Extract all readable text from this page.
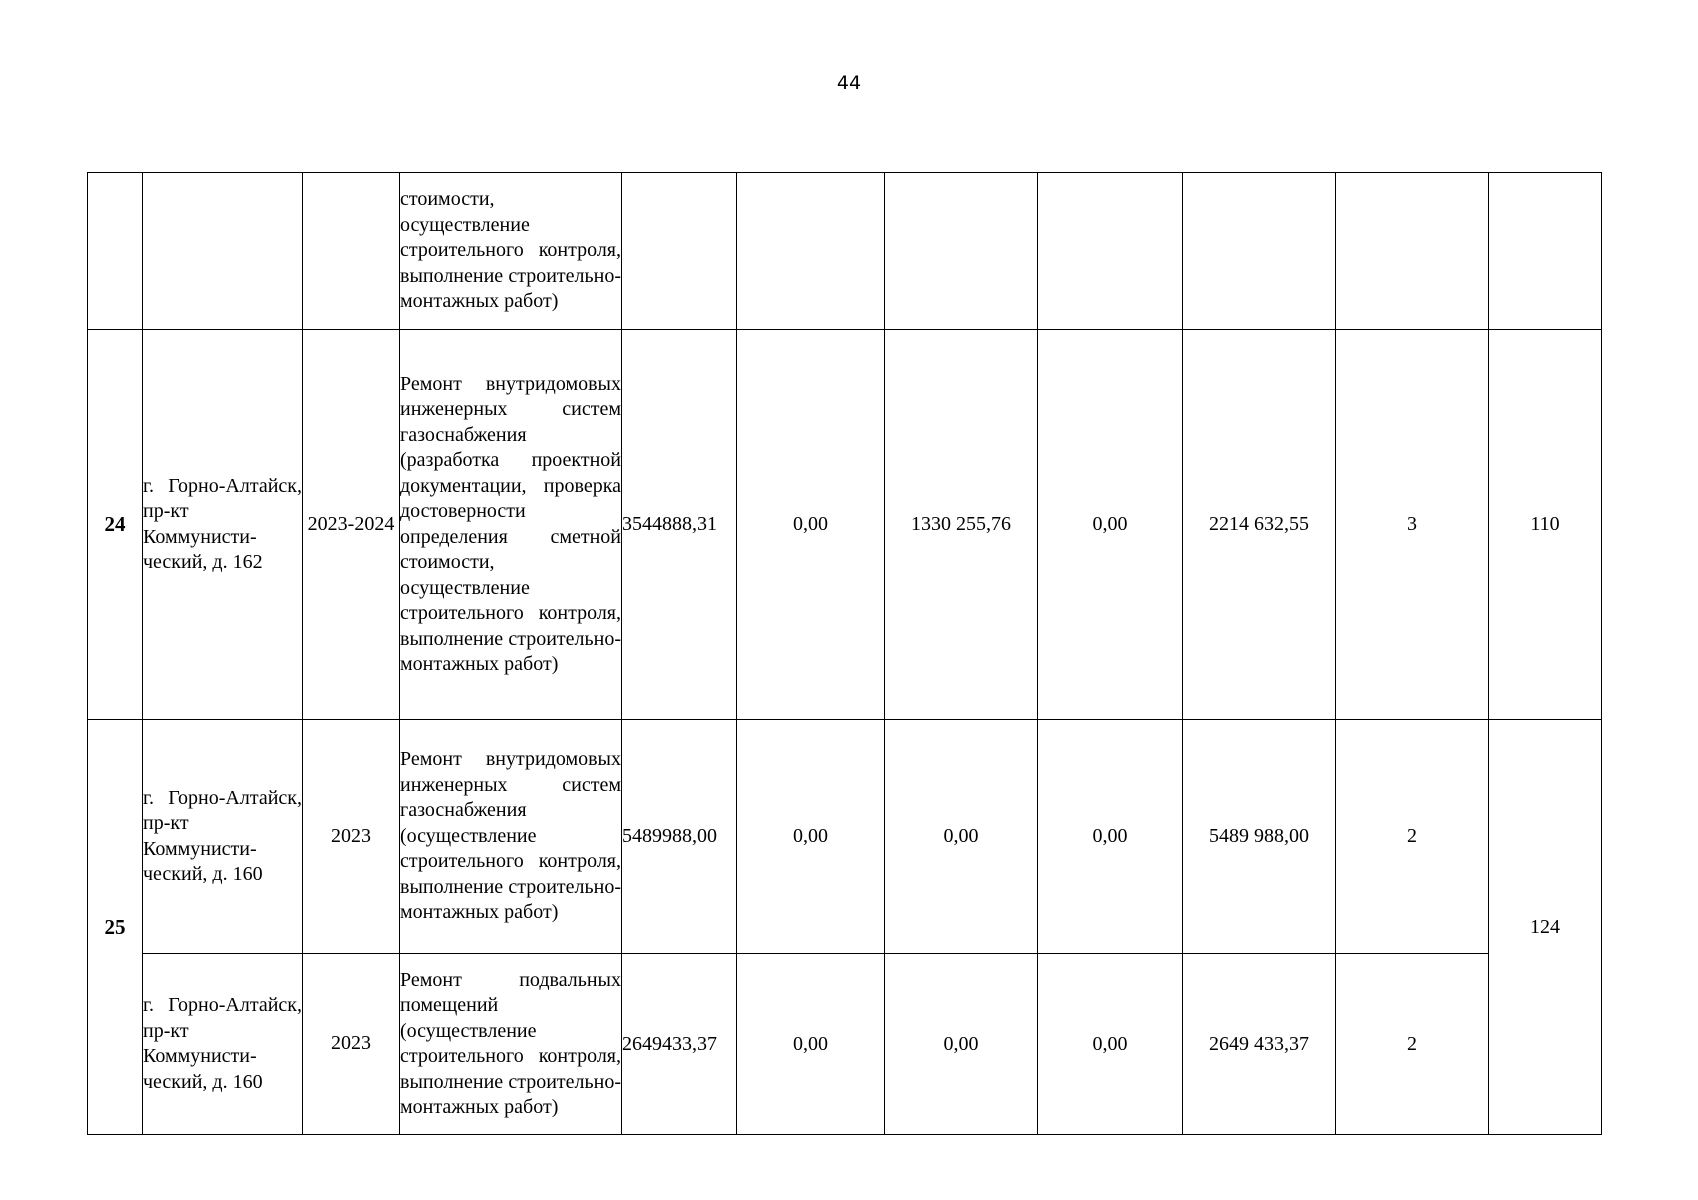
44
			стоимости, осуществление строительного контроля, выполнение строительно-монтажных работ)							
24	г. Горно-Алтайск, пр-кт Коммунисти-ческий, д. 162	2023-2024	Ремонт внутридомовых инженерных систем газоснабжения (разработка проектной документации, проверка достоверности определения сметной стоимости, осуществление строительного контроля, выполнение строительно-монтажных работ)	3544888,31	0,00	1330 255,76	0,00	2214 632,55	3	110
25	г. Горно-Алтайск, пр-кт Коммунисти-ческий, д. 160	2023	Ремонт внутридомовых инженерных систем газоснабжения (осуществление строительного контроля, выполнение строительно-монтажных работ)	5489988,00	0,00	0,00	0,00	5489 988,00	2	124
	г. Горно-Алтайск, пр-кт Коммунисти-ческий, д. 160	2023	Ремонт подвальных помещений (осуществление строительного контроля, выполнение строительно-монтажных работ)	2649433,37	0,00	0,00	0,00	2649 433,37	2	
